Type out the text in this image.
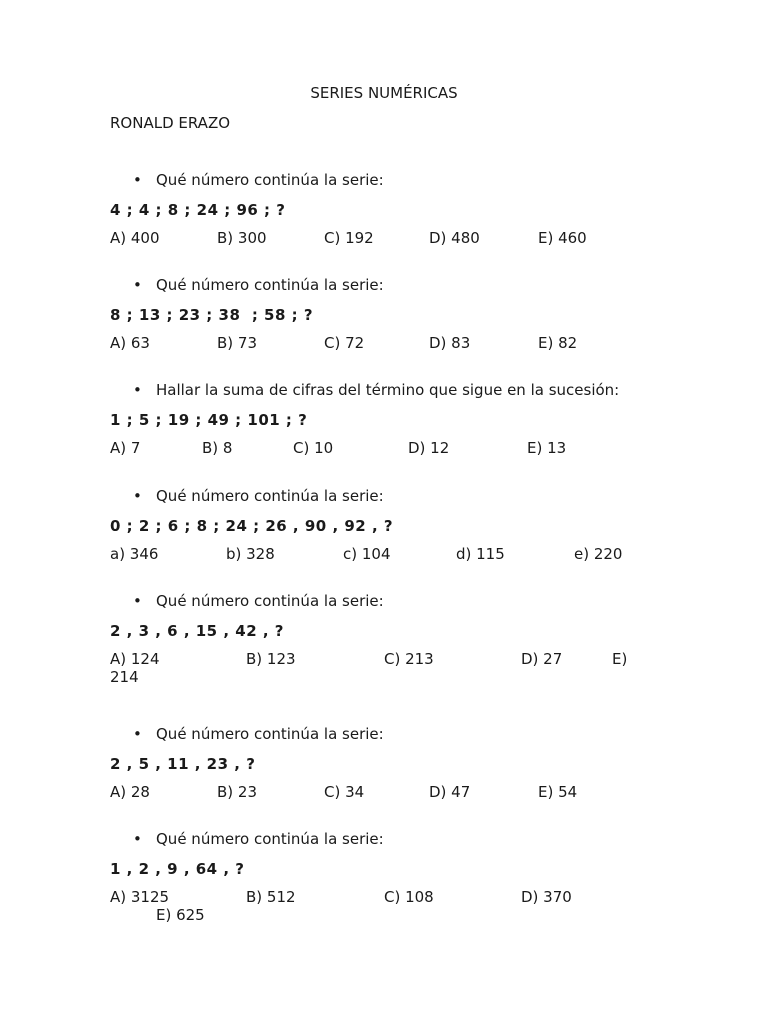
SERIES NUMÉRICAS
RONALD ERAZO
• Qué número continúa la serie:
4 ; 4 ; 8 ; 24 ; 96 ; ?
A) 400	B) 300	C) 192	D) 480	E) 460
• Qué número continúa la serie:
8 ; 13 ; 23 ; 38  ; 58 ; ?
A) 63	B) 73	C) 72	D) 83	E) 82
• Hallar la suma de cifras del término que sigue en la sucesión:
1 ; 5 ; 19 ; 49 ; 101 ; ?
A) 7	B) 8	C) 10	D) 12	E) 13
• Qué número continúa la serie:
0 ; 2 ; 6 ; 8 ; 24 ; 26 , 90 , 92 , ?
a) 346	b) 328	c) 104	d) 115	e) 220
• Qué número continúa la serie:
2 , 3 , 6 , 15 , 42 , ?
A) 124	B) 123	C) 213	D) 27	E)
214
• Qué número continúa la serie:
2 , 5 , 11 , 23 , ?
A) 28	B) 23	C) 34	D) 47	E) 54
• Qué número continúa la serie:
1 , 2 , 9 , 64 , ?
A) 3125	B) 512	C) 108	D) 370
E) 625
